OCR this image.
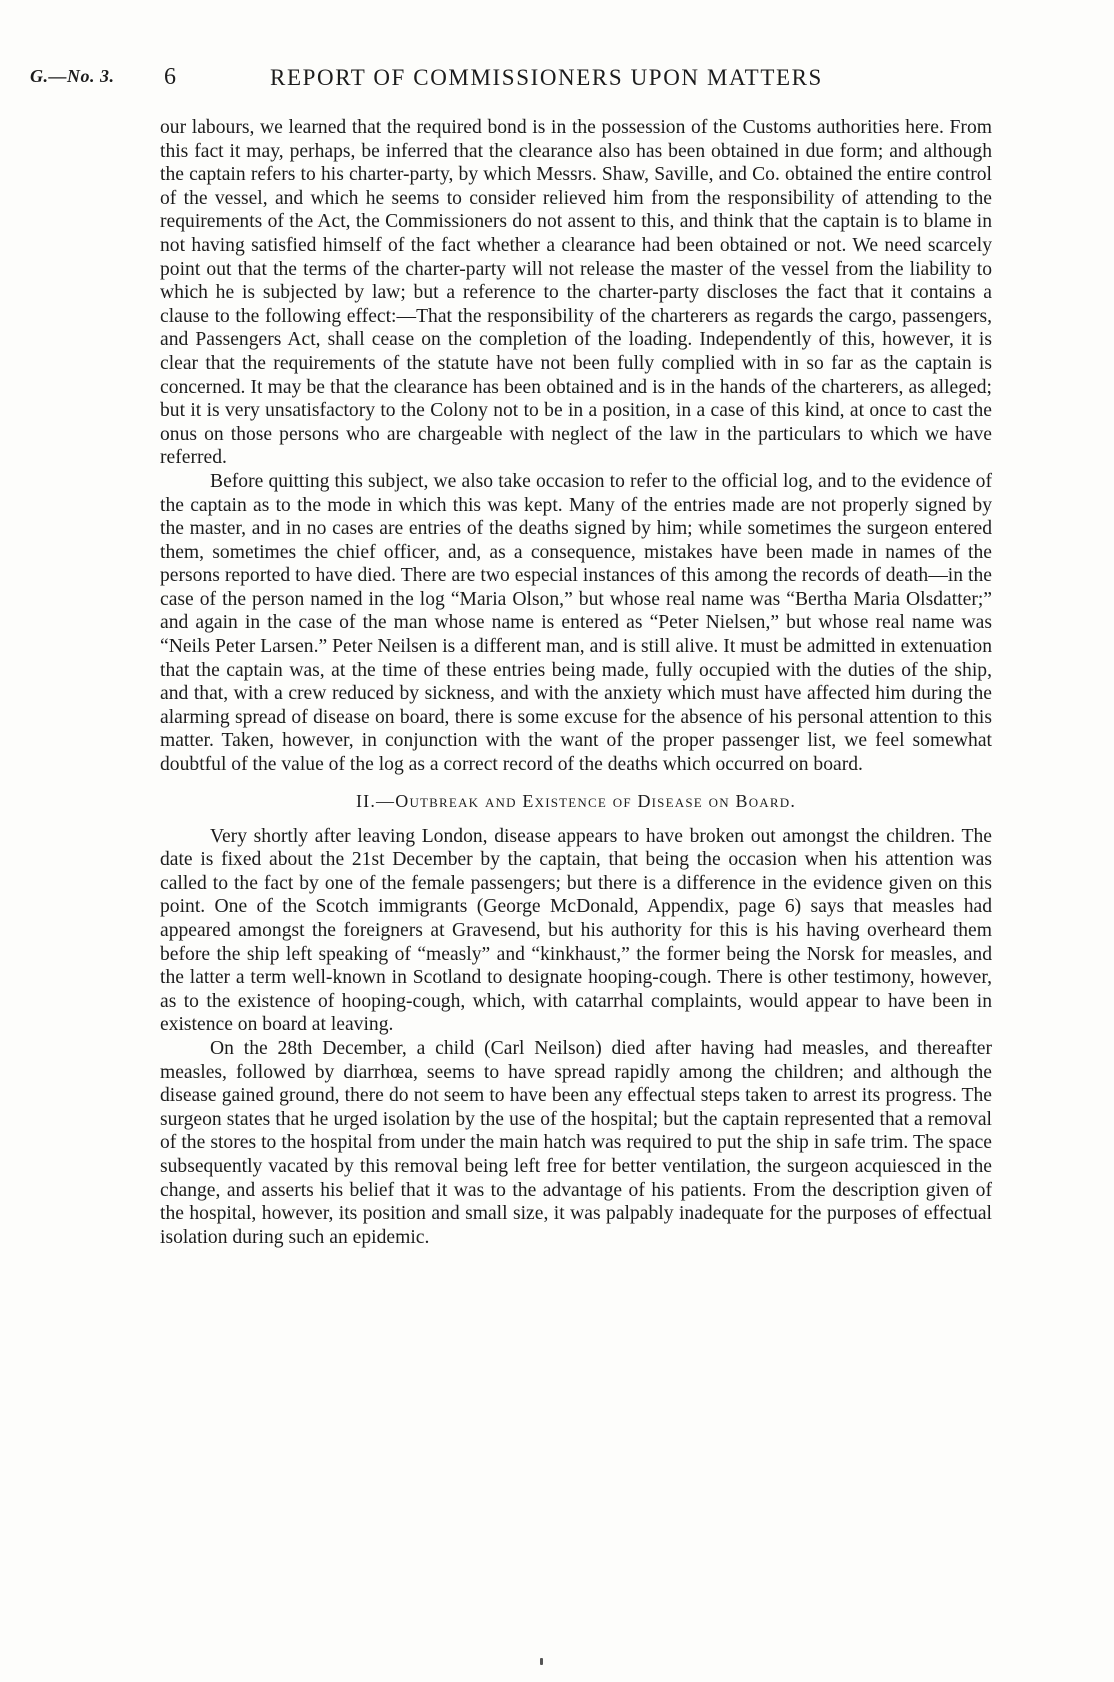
G.—No. 3. 6	REPORT OF COMMISSIONERS UPON MATTERS

our labours, we learned that the required bond is in the possession of the Customs authorities here. From this fact it may, perhaps, be inferred that the clearance also has been obtained in due form; and although the captain refers to his charter-party, by which Messrs. Shaw, Saville, and Co. obtained the entire control of the vessel, and which he seems to consider relieved him from the responsibility of attending to the requirements of the Act, the Commissioners do not assent to this, and think that the captain is to blame in not having satisfied himself of the fact whether a clearance had been obtained or not. We need scarcely point out that the terms of the charter-party will not release the master of the vessel from the liability to which he is subjected by law; but a reference to the charter-party discloses the fact that it contains a clause to the following effect:—That the responsibility of the charterers as regards the cargo, passengers, and Passengers Act, shall cease on the completion of the loading. Independently of this, however, it is clear that the requirements of the statute have not been fully complied with in so far as the captain is concerned. It may be that the clearance has been obtained and is in the hands of the charterers, as alleged; but it is very unsatisfactory to the Colony not to be in a position, in a case of this kind, at once to cast the onus on those persons who are chargeable with neglect of the law in the particulars to which we have referred.

Before quitting this subject, we also take occasion to refer to the official log, and to the evidence of the captain as to the mode in which this was kept. Many of the entries made are not properly signed by the master, and in no cases are entries of the deaths signed by him; while sometimes the surgeon entered them, sometimes the chief officer, and, as a consequence, mistakes have been made in names of the persons reported to have died. There are two especial instances of this among the records of death—in the case of the person named in the log “Maria Olson,” but whose real name was “Bertha Maria Olsdatter;” and again in the case of the man whose name is entered as “Peter Nielsen,” but whose real name was “Neils Peter Larsen.” Peter Neilsen is a different man, and is still alive. It must be admitted in extenuation that the captain was, at the time of these entries being made, fully occupied with the duties of the ship, and that, with a crew reduced by sickness, and with the anxiety which must have affected him during the alarming spread of disease on board, there is some excuse for the absence of his personal attention to this matter. Taken, however, in conjunction with the want of the proper passenger list, we feel somewhat doubtful of the value of the log as a correct record of the deaths which occurred on board.

II.—Outbreak and Existence of Disease on Board.

Very shortly after leaving London, disease appears to have broken out amongst the children. The date is fixed about the 21st December by the captain, that being the occasion when his attention was called to the fact by one of the female passengers; but there is a difference in the evidence given on this point. One of the Scotch immigrants (George McDonald, Appendix, page 6) says that measles had appeared amongst the foreigners at Gravesend, but his authority for this is his having overheard them before the ship left speaking of “measly” and “kinkhaust,” the former being the Norsk for measles, and the latter a term well-known in Scotland to designate hooping-cough. There is other testimony, however, as to the existence of hooping-cough, which, with catarrhal complaints, would appear to have been in existence on board at leaving.

On the 28th December, a child (Carl Neilson) died after having had measles, and thereafter measles, followed by diarrhœa, seems to have spread rapidly among the children; and although the disease gained ground, there do not seem to have been any effectual steps taken to arrest its progress. The surgeon states that he urged isolation by the use of the hospital; but the captain represented that a removal of the stores to the hospital from under the main hatch was required to put the ship in safe trim. The space subsequently vacated by this removal being left free for better ventilation, the surgeon acquiesced in the change, and asserts his belief that it was to the advantage of his patients. From the description given of the hospital, however, its position and small size, it was palpably inadequate for the purposes of effectual isolation during such an epidemic.
